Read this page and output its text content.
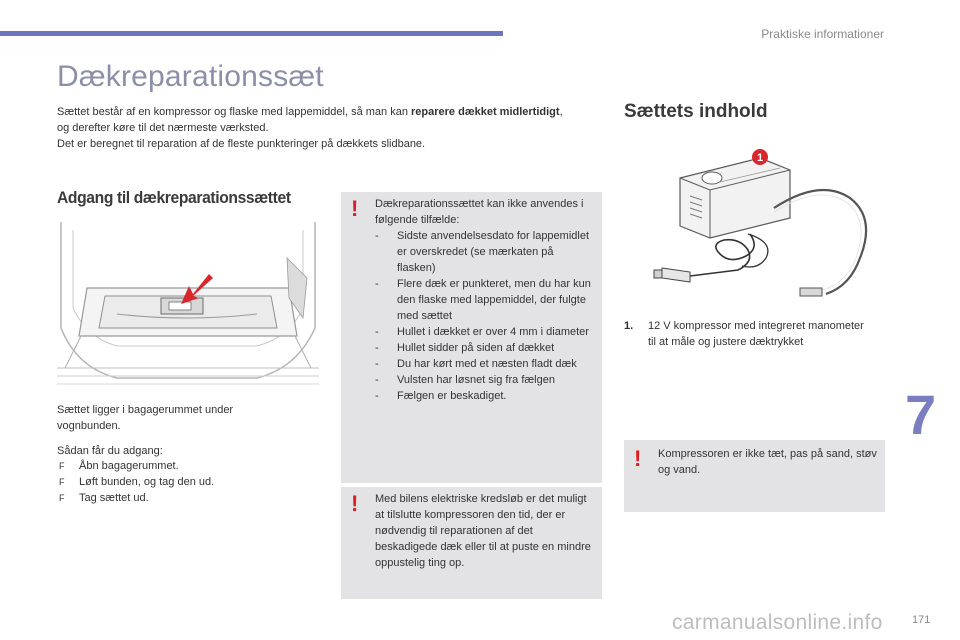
Praktiske informationer
Dækreparationssæt
Sættet består af en kompressor og flaske med lappemiddel, så man kan reparere dækket midlertidigt, og derefter køre til det nærmeste værksted.
Det er beregnet til reparation af de fleste punkteringer på dækkets slidbane.
Adgang til dækreparationssættet
Sættet ligger i bagagerummet under vognbunden.
Sådan får du adgang:
F Åbn bagagerummet.
F Løft bunden, og tag den ud.
F Tag sættet ud.
! Dækreparationssættet kan ikke anvendes i følgende tilfælde:
- Sidste anvendelsesdato for lappemidlet er overskredet (se mærkaten på flasken)
- Flere dæk er punkteret, men du har kun den flaske med lappemiddel, der fulgte med sættet
- Hullet i dækket er over 4 mm i diameter
- Hullet sidder på siden af dækket
- Du har kørt med et næsten fladt dæk
- Vulsten har løsnet sig fra fælgen
- Fælgen er beskadiget.
! Med bilens elektriske kredsløb er det muligt at tilslutte kompressoren den tid, der er nødvendig til reparationen af det beskadigede dæk eller til at puste en mindre oppustelig ting op.
Sættets indhold
1
1.	12 V kompressor med integreret manometer til at måle og justere dæktrykket
! Kompressoren er ikke tæt, pas på sand, støv og vand.
7
carmanualsonline.info	171
